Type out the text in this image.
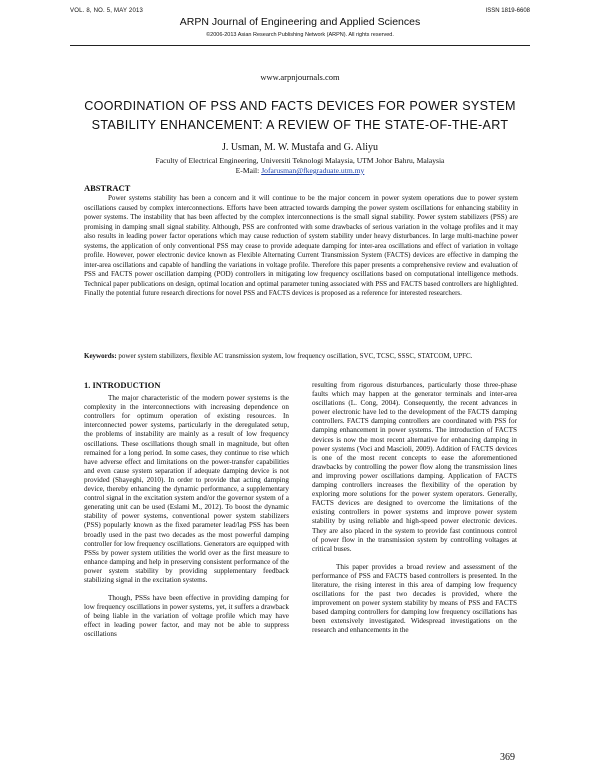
VOL. 8, NO. 5, MAY 2013	ISSN 1819-6608
ARPN Journal of Engineering and Applied Sciences
©2006-2013 Asian Research Publishing Network (ARPN). All rights reserved.
www.arpnjournals.com
COORDINATION OF PSS AND FACTS DEVICES FOR POWER SYSTEM
STABILITY ENHANCEMENT: A REVIEW OF THE STATE-OF-THE-ART
J. Usman, M. W. Mustafa and G. Aliyu
Faculty of Electrical Engineering, Universiti Teknologi Malaysia, UTM Johor Bahru, Malaysia
E-Mail: Jofarusman@fkegraduate.utm.my
ABSTRACT
Power systems stability has been a concern and it will continue to be the major concern in power system operations due to power system oscillations caused by complex interconnections. Efforts have been attracted towards damping the power system oscillations for enhancing stability in power systems. The instability that has been affected by the complex interconnections is the small signal stability. Power system stabilizers (PSS) are promising in damping small signal stability. Although, PSS are confronted with some drawbacks of serious variation in the voltage profiles and it may also results in leading power factor operations which may cause reduction of system stability under heavy disturbances. In large multi-machine power systems, the application of only conventional PSS may cease to provide adequate damping for inter-area oscillations and effect of variation in voltage profile. However, power electronic device known as Flexible Alternating Current Transmission System (FACTS) devices are effective in damping the inter-area oscillations and capable of handling the variations in voltage profile. Therefore this paper presents a comprehensive review and evaluation of PSS and FACTS power oscillation damping (POD) controllers in mitigating low frequency oscillations based on computational intelligence methods. Technical paper publications on design, optimal location and optimal parameter tuning associated with PSS and FACTS based controllers are highlighted. Finally the potential future research directions for novel PSS and FACTS devices is proposed as a reference for interested researchers.
Keywords: power system stabilizers, flexible AC transmission system, low frequency oscillation, SVC, TCSC, SSSC, STATCOM, UPFC.

1. INTRODUCTION

The major characteristic of the modern power systems is the complexity in the interconnections with increasing dependence on controllers for optimum operation of existing resources. In interconnected power systems, particularly in the deregulated setup, the problems of instability are mainly as a result of low frequency oscillations. These oscillations though small in magnitude, but often remained for a long period. In some cases, they continue to rise which have adverse effect and limitations on the power-transfer capabilities and even cause system separation if adequate damping device is not provided (Shayeghi, 2010). In order to provide that acting damping device, thereby enhancing the dynamic performance, a supplementary control signal in the excitation system and/or the governor system of a generating unit can be used (Eslami M., 2012). To boost the dynamic stability of power systems, conventional power system stabilizers (PSS) popularly known as the fixed parameter lead/lag PSS has been broadly used in the past two decades as the most powerful damping controller for low frequency oscillations. Generators are equipped with PSSs by power system utilities the world over as the first measure to enhance damping and help in preserving consistent performance of the power system stability by providing supplementary feedback stabilizing signal in the excitation systems.

Though, PSSs have been effective in providing damping for low frequency oscillations in power systems, yet, it suffers a drawback of being liable in the variation of voltage profile which may have effect in leading power factor, and may not be able to suppress oscillations

resulting from rigorous disturbances, particularly those three-phase faults which may happen at the generator terminals and inter-area oscillations (L. Cong, 2004). Consequently, the recent advances in power electronic have led to the development of the FACTS damping controllers. FACTS damping controllers are coordinated with PSS for damping enhancement in power systems. The introduction of FACTS devices is now the most recent alternative for enhancing damping in power systems (Voci and Mascioli, 2009). Addition of FACTS devices is one of the most recent concepts to ease the aforementioned drawbacks by controlling the power flow along the transmission lines and improving power oscillations damping. Application of FACTS damping controllers increases the flexibility of the operation by exploring more solutions for the power system operators. Generally, FACTS devices are designed to overcome the limitations of the existing controllers in power systems and improve power system stability by using reliable and high-speed power electronic devices. They are also placed in the system to provide fast continuous control of power flow in the transmission system by controlling voltages at critical buses.

This paper provides a broad review and assessment of the performance of PSS and FACTS based controllers is presented. In the literature, the rising interest in this area of damping low frequency oscillations for the past two decades is provided, where the improvement on power system stability by means of PSS and FACTS based damping controllers for damping low frequency oscillations has been extensively investigated. Widespread investigations on the research and enhancements in the

369
